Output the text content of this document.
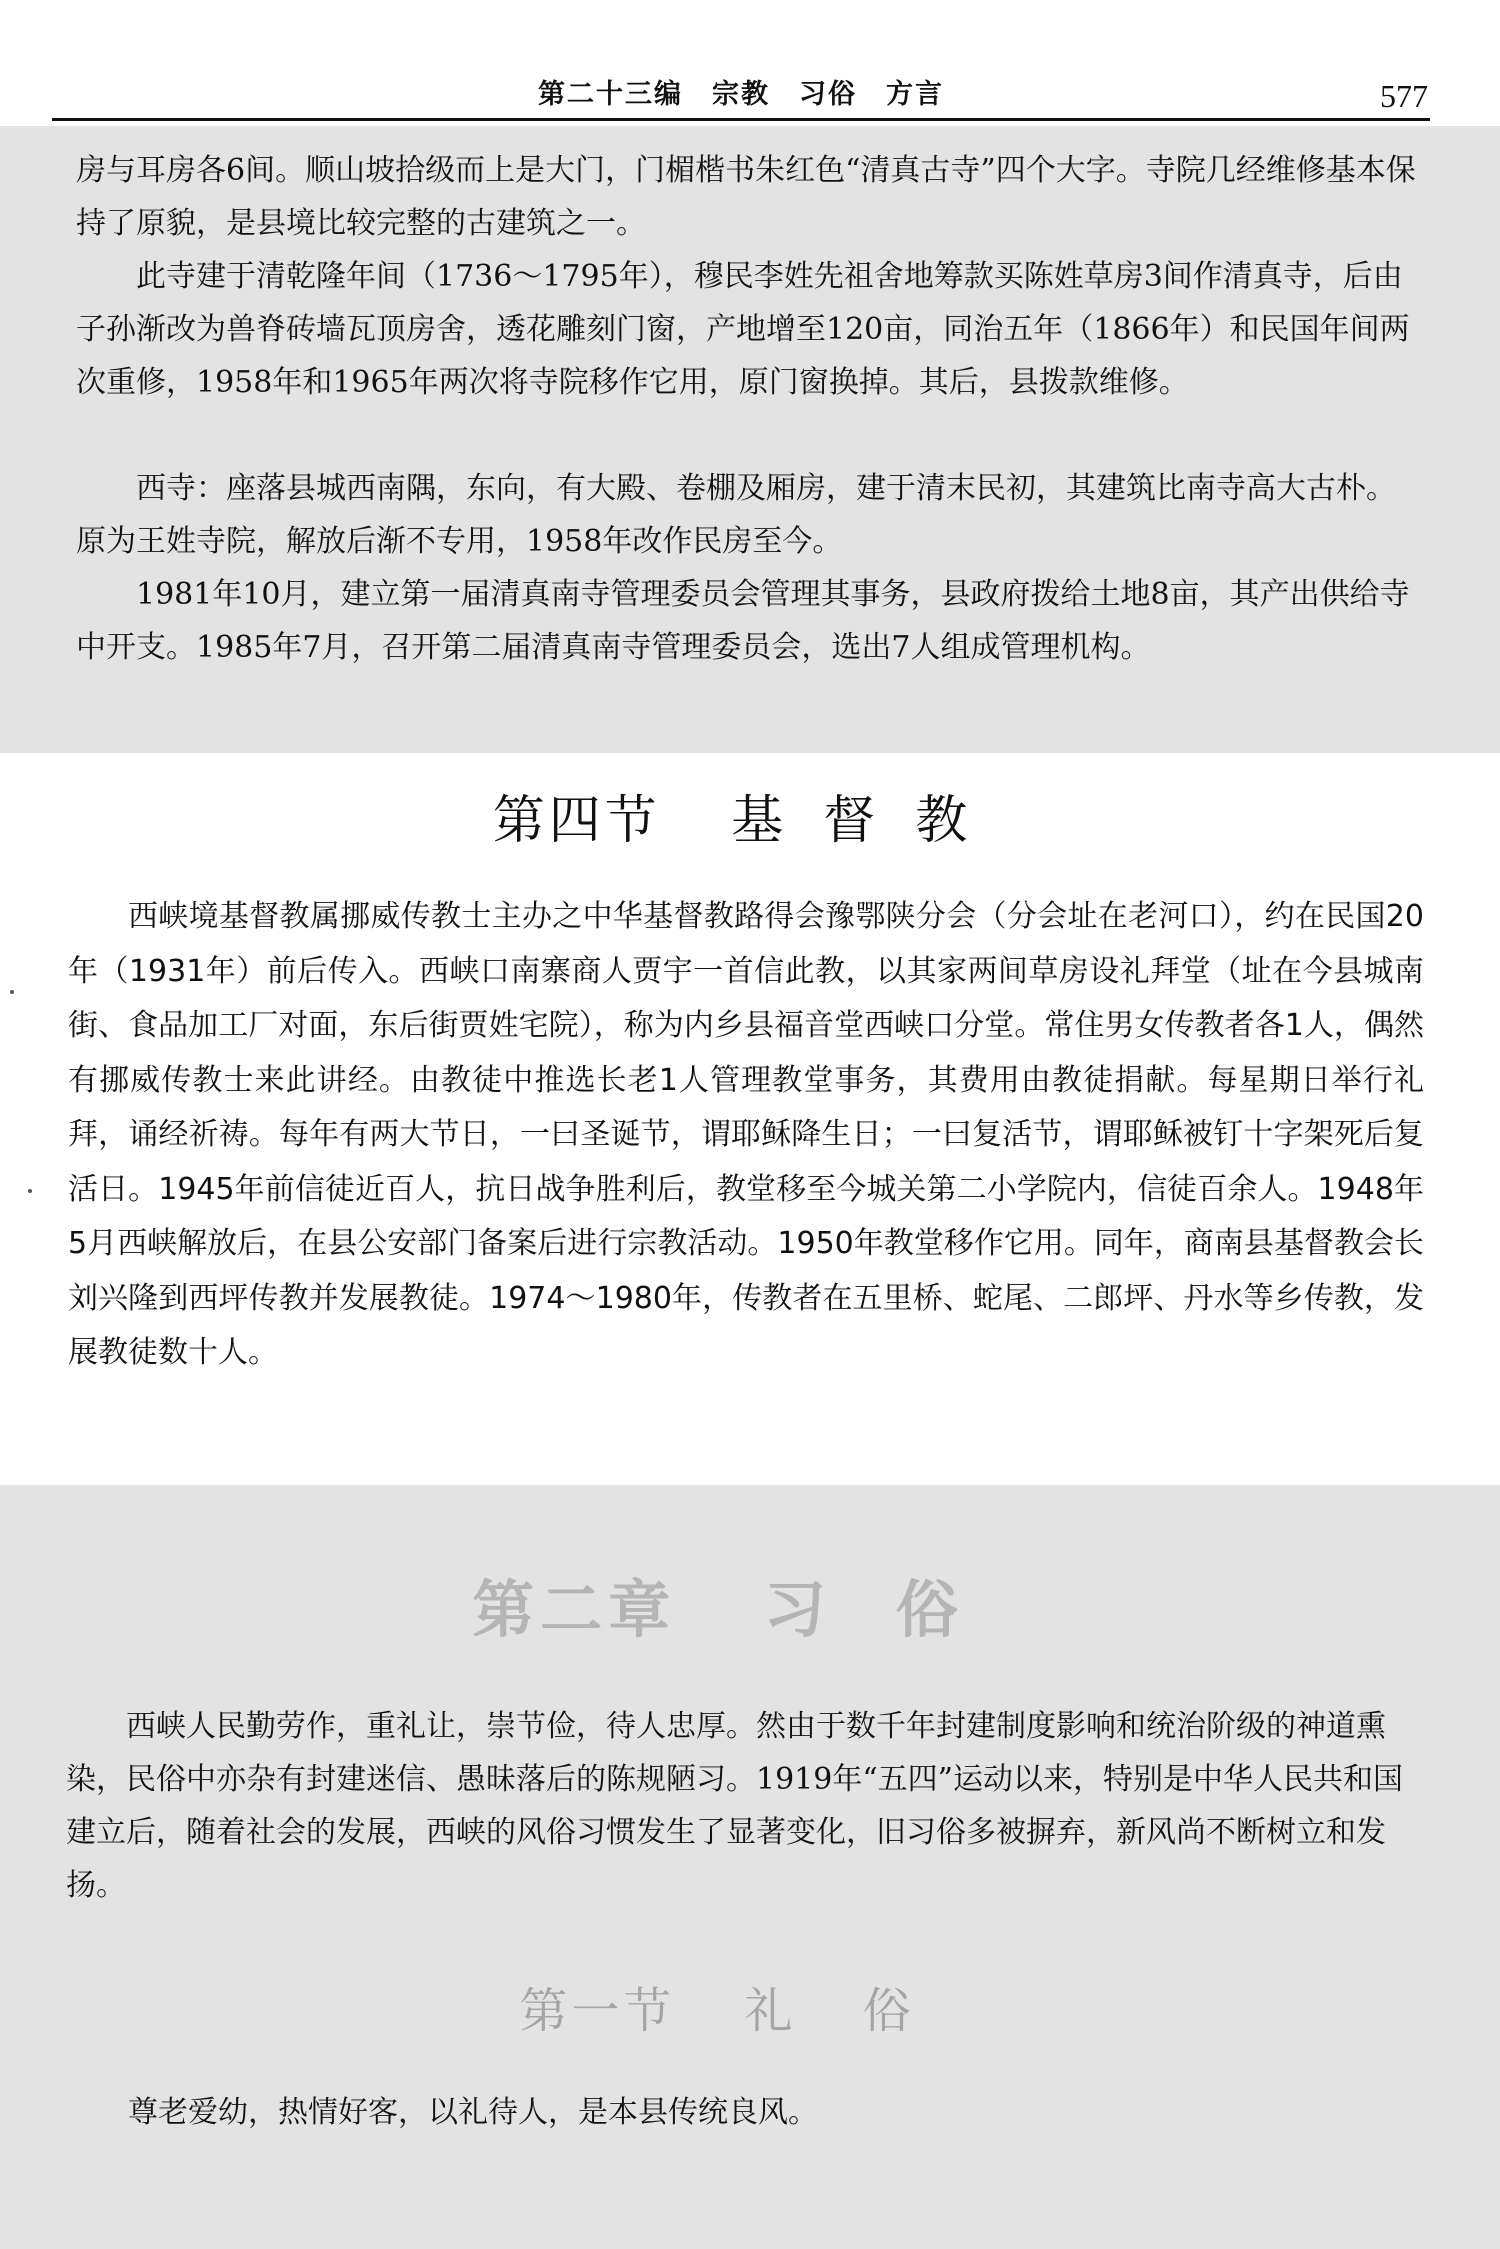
第二十三编　宗教　习俗　方言	577

房与耳房各6间。顺山坡拾级而上是大门，门楣楷书朱红色“清真古寺”四个大字。寺院几经维修基本保持了原貌，是县境比较完整的古建筑之一。

此寺建于清乾隆年间（1736～1795年），穆民李姓先祖舍地筹款买陈姓草房3间作清真寺，后由子孙渐改为兽脊砖墙瓦顶房舍，透花雕刻门窗，产地增至120亩，同治五年（1866年）和民国年间两次重修，1958年和1965年两次将寺院移作它用，原门窗换掉。其后，县拨款维修。

西寺：座落县城西南隅，东向，有大殿、卷棚及厢房，建于清末民初，其建筑比南寺高大古朴。原为王姓寺院，解放后渐不专用，1958年改作民房至今。

1981年10月，建立第一届清真南寺管理委员会管理其事务，县政府拨给土地8亩，其产出供给寺中开支。1985年7月，召开第二届清真南寺管理委员会，选出7人组成管理机构。

第四节 基督教

西峡境基督教属挪威传教士主办之中华基督教路得会豫鄂陕分会（分会址在老河口），约在民国20年（1931年）前后传入。西峡口南寨商人贾宇一首信此教，以其家两间草房设礼拜堂（址在今县城南街、食品加工厂对面，东后街贾姓宅院），称为内乡县福音堂西峡口分堂。常住男女传教者各1人，偶然有挪威传教士来此讲经。由教徒中推选长老1人管理教堂事务，其费用由教徒捐献。每星期日举行礼拜，诵经祈祷。每年有两大节日，一曰圣诞节，谓耶稣降生日；一曰复活节，谓耶稣被钉十字架死后复活日。1945年前信徒近百人，抗日战争胜利后，教堂移至今城关第二小学院内，信徒百余人。1948年5月西峡解放后，在县公安部门备案后进行宗教活动。1950年教堂移作它用。同年，商南县基督教会长刘兴隆到西坪传教并发展教徒。1974～1980年，传教者在五里桥、蛇尾、二郎坪、丹水等乡传教，发展教徒数十人。

第二章 习俗

西峡人民勤劳作，重礼让，崇节俭，待人忠厚。然由于数千年封建制度影响和统治阶级的神道熏染，民俗中亦杂有封建迷信、愚昧落后的陈规陋习。1919年“五四”运动以来，特别是中华人民共和国建立后，随着社会的发展，西峡的风俗习惯发生了显著变化，旧习俗多被摒弃，新风尚不断树立和发扬。

第一节 礼俗

尊老爱幼，热情好客，以礼待人，是本县传统良风。
